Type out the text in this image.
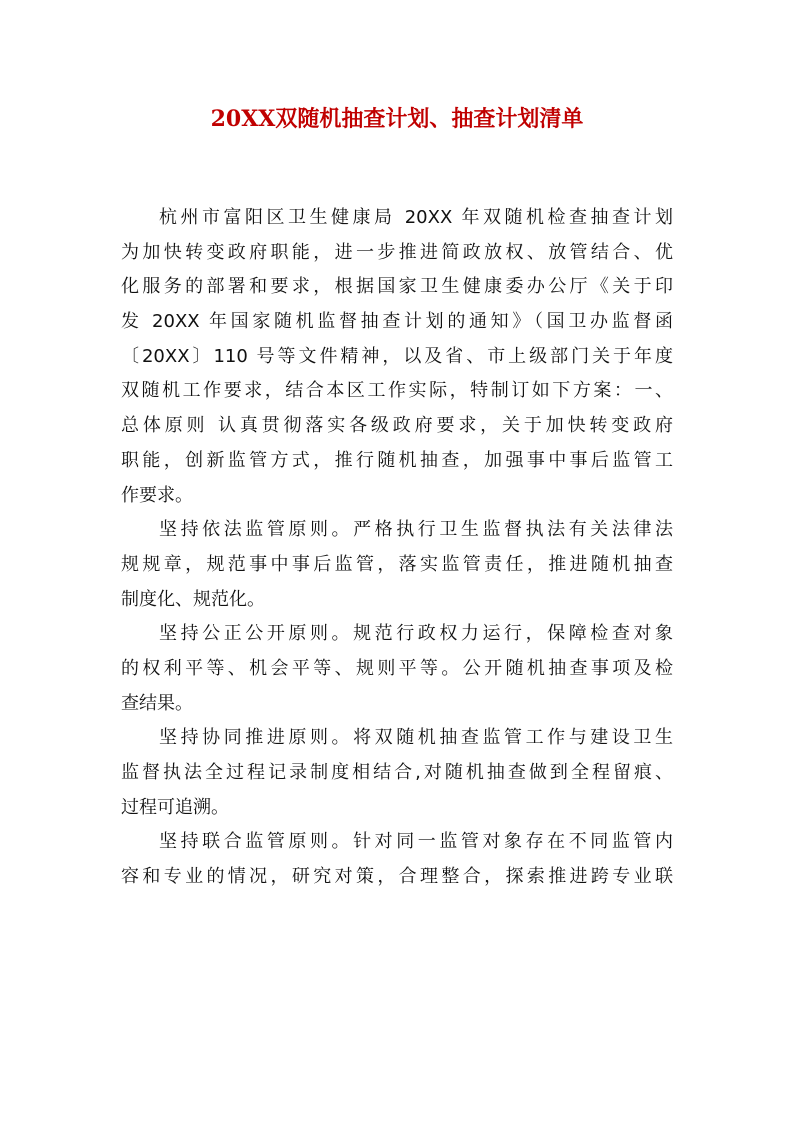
20XX双随机抽查计划、抽查计划清单
杭州市富阳区卫生健康局 20XX 年双随机检查抽查计划
为加快转变政府职能，进一步推进简政放权、放管结合、优
化服务的部署和要求，根据国家卫生健康委办公厅《关于印
发 20XX 年国家随机监督抽查计划的通知》（国卫办监督函
〔20XX〕110 号等文件精神，以及省、市上级部门关于年度
双随机工作要求，结合本区工作实际，特制订如下方案：一、
总体原则 认真贯彻落实各级政府要求，关于加快转变政府
职能，创新监管方式，推行随机抽查，加强事中事后监管工
作要求。
坚持依法监管原则。严格执行卫生监督执法有关法律法
规规章，规范事中事后监管，落实监管责任，推进随机抽查
制度化、规范化。
坚持公正公开原则。规范行政权力运行，保障检查对象
的权利平等、机会平等、规则平等。公开随机抽查事项及检
查结果。
坚持协同推进原则。将双随机抽查监管工作与建设卫生
监督执法全过程记录制度相结合,对随机抽查做到全程留痕、
过程可追溯。
坚持联合监管原则。针对同一监管对象存在不同监管内
容和专业的情况，研究对策，合理整合，探索推进跨专业联
